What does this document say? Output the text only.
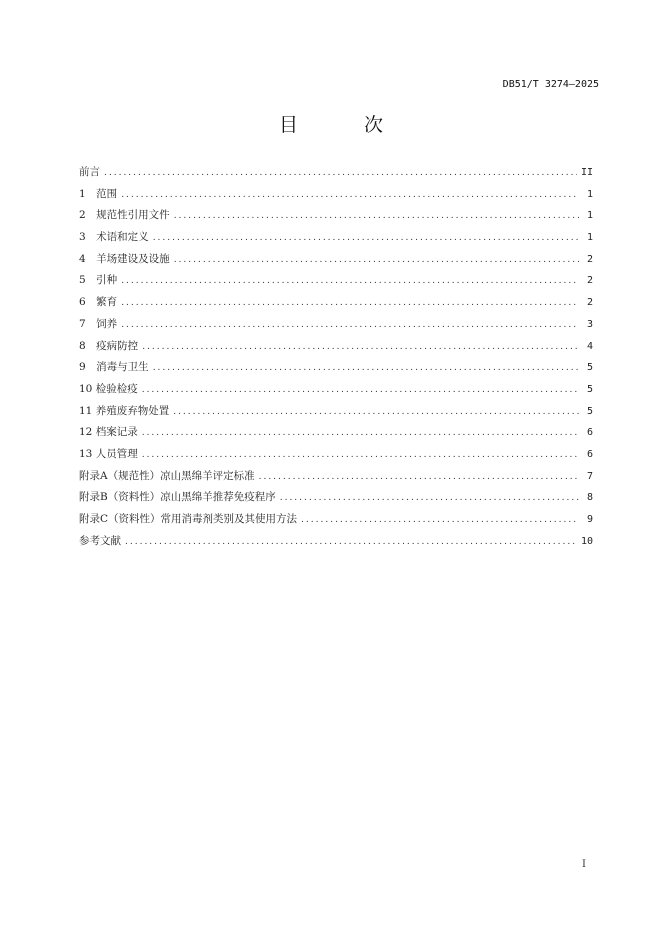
DB51/T 3274—2025
目 次
前言 .....	II
1　范围 .....	1
2　规范性引用文件 .....	1
3　术语和定义 .....	1
4　羊场建设及设施 .....	2
5　引种 .....	2
6　繁育 .....	2
7　饲养 .....	3
8　疫病防控 .....	4
9　消毒与卫生 .....	5
10 检验检疫 .....	5
11 养殖废弃物处置 .....	5
12 档案记录 .....	6
13 人员管理 .....	6
附录A（规范性）凉山黑绵羊评定标准 .....	7
附录B（资料性）凉山黑绵羊推荐免疫程序 .....	8
附录C（资料性）常用消毒剂类别及其使用方法 .....	9
参考文献 .....	10
I
